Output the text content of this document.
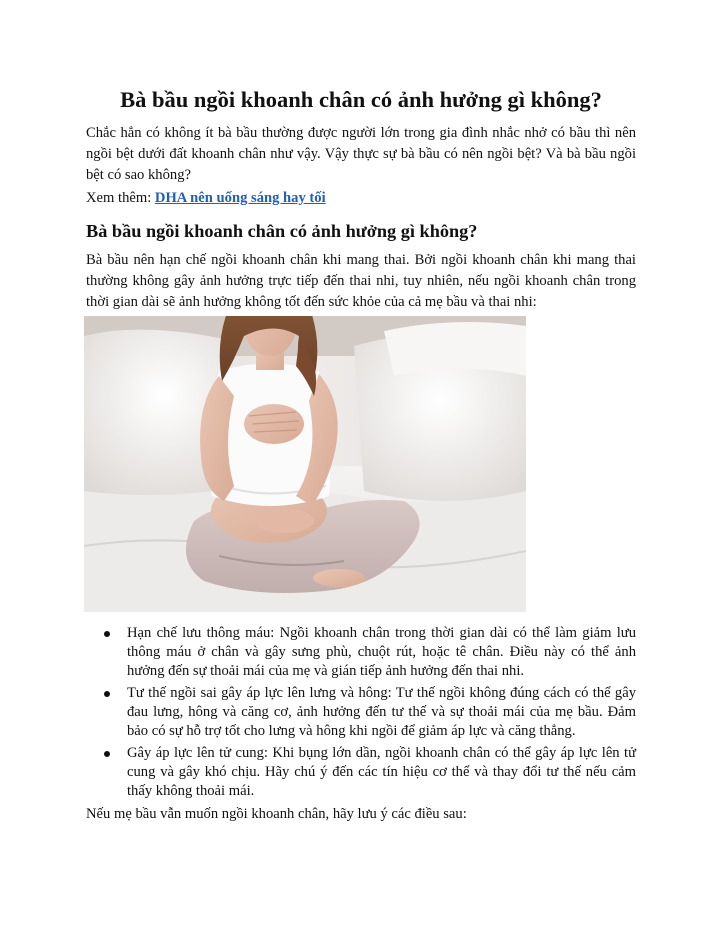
Bà bầu ngồi khoanh chân có ảnh hưởng gì không?

Chắc hẳn có không ít bà bầu thường được người lớn trong gia đình nhắc nhở có bầu thì nên ngồi bệt dưới đất khoanh chân như vậy. Vậy thực sự bà bầu có nên ngồi bệt? Và bà bầu ngồi bệt có sao không?

Xem thêm: DHA nên uống sáng hay tối

Bà bầu ngồi khoanh chân có ảnh hưởng gì không?

Bà bầu nên hạn chế ngồi khoanh chân khi mang thai. Bởi ngồi khoanh chân khi mang thai thường không gây ảnh hưởng trực tiếp đến thai nhi, tuy nhiên, nếu ngồi khoanh chân trong thời gian dài sẽ ảnh hưởng không tốt đến sức khỏe của cả mẹ bầu và thai nhi:

Hạn chế lưu thông máu: Ngồi khoanh chân trong thời gian dài có thể làm giảm lưu thông máu ở chân và gây sưng phù, chuột rút, hoặc tê chân. Điều này có thể ảnh hưởng đến sự thoải mái của mẹ và gián tiếp ảnh hưởng đến thai nhi.
Tư thế ngồi sai gây áp lực lên lưng và hông: Tư thế ngồi không đúng cách có thể gây đau lưng, hông và căng cơ, ảnh hưởng đến tư thế và sự thoải mái của mẹ bầu. Đảm bảo có sự hỗ trợ tốt cho lưng và hông khi ngồi để giảm áp lực và căng thẳng.
Gây áp lực lên tử cung: Khi bụng lớn dần, ngồi khoanh chân có thể gây áp lực lên tử cung và gây khó chịu. Hãy chú ý đến các tín hiệu cơ thể và thay đổi tư thế nếu cảm thấy không thoải mái.

Nếu mẹ bầu vẫn muốn ngồi khoanh chân, hãy lưu ý các điều sau:
